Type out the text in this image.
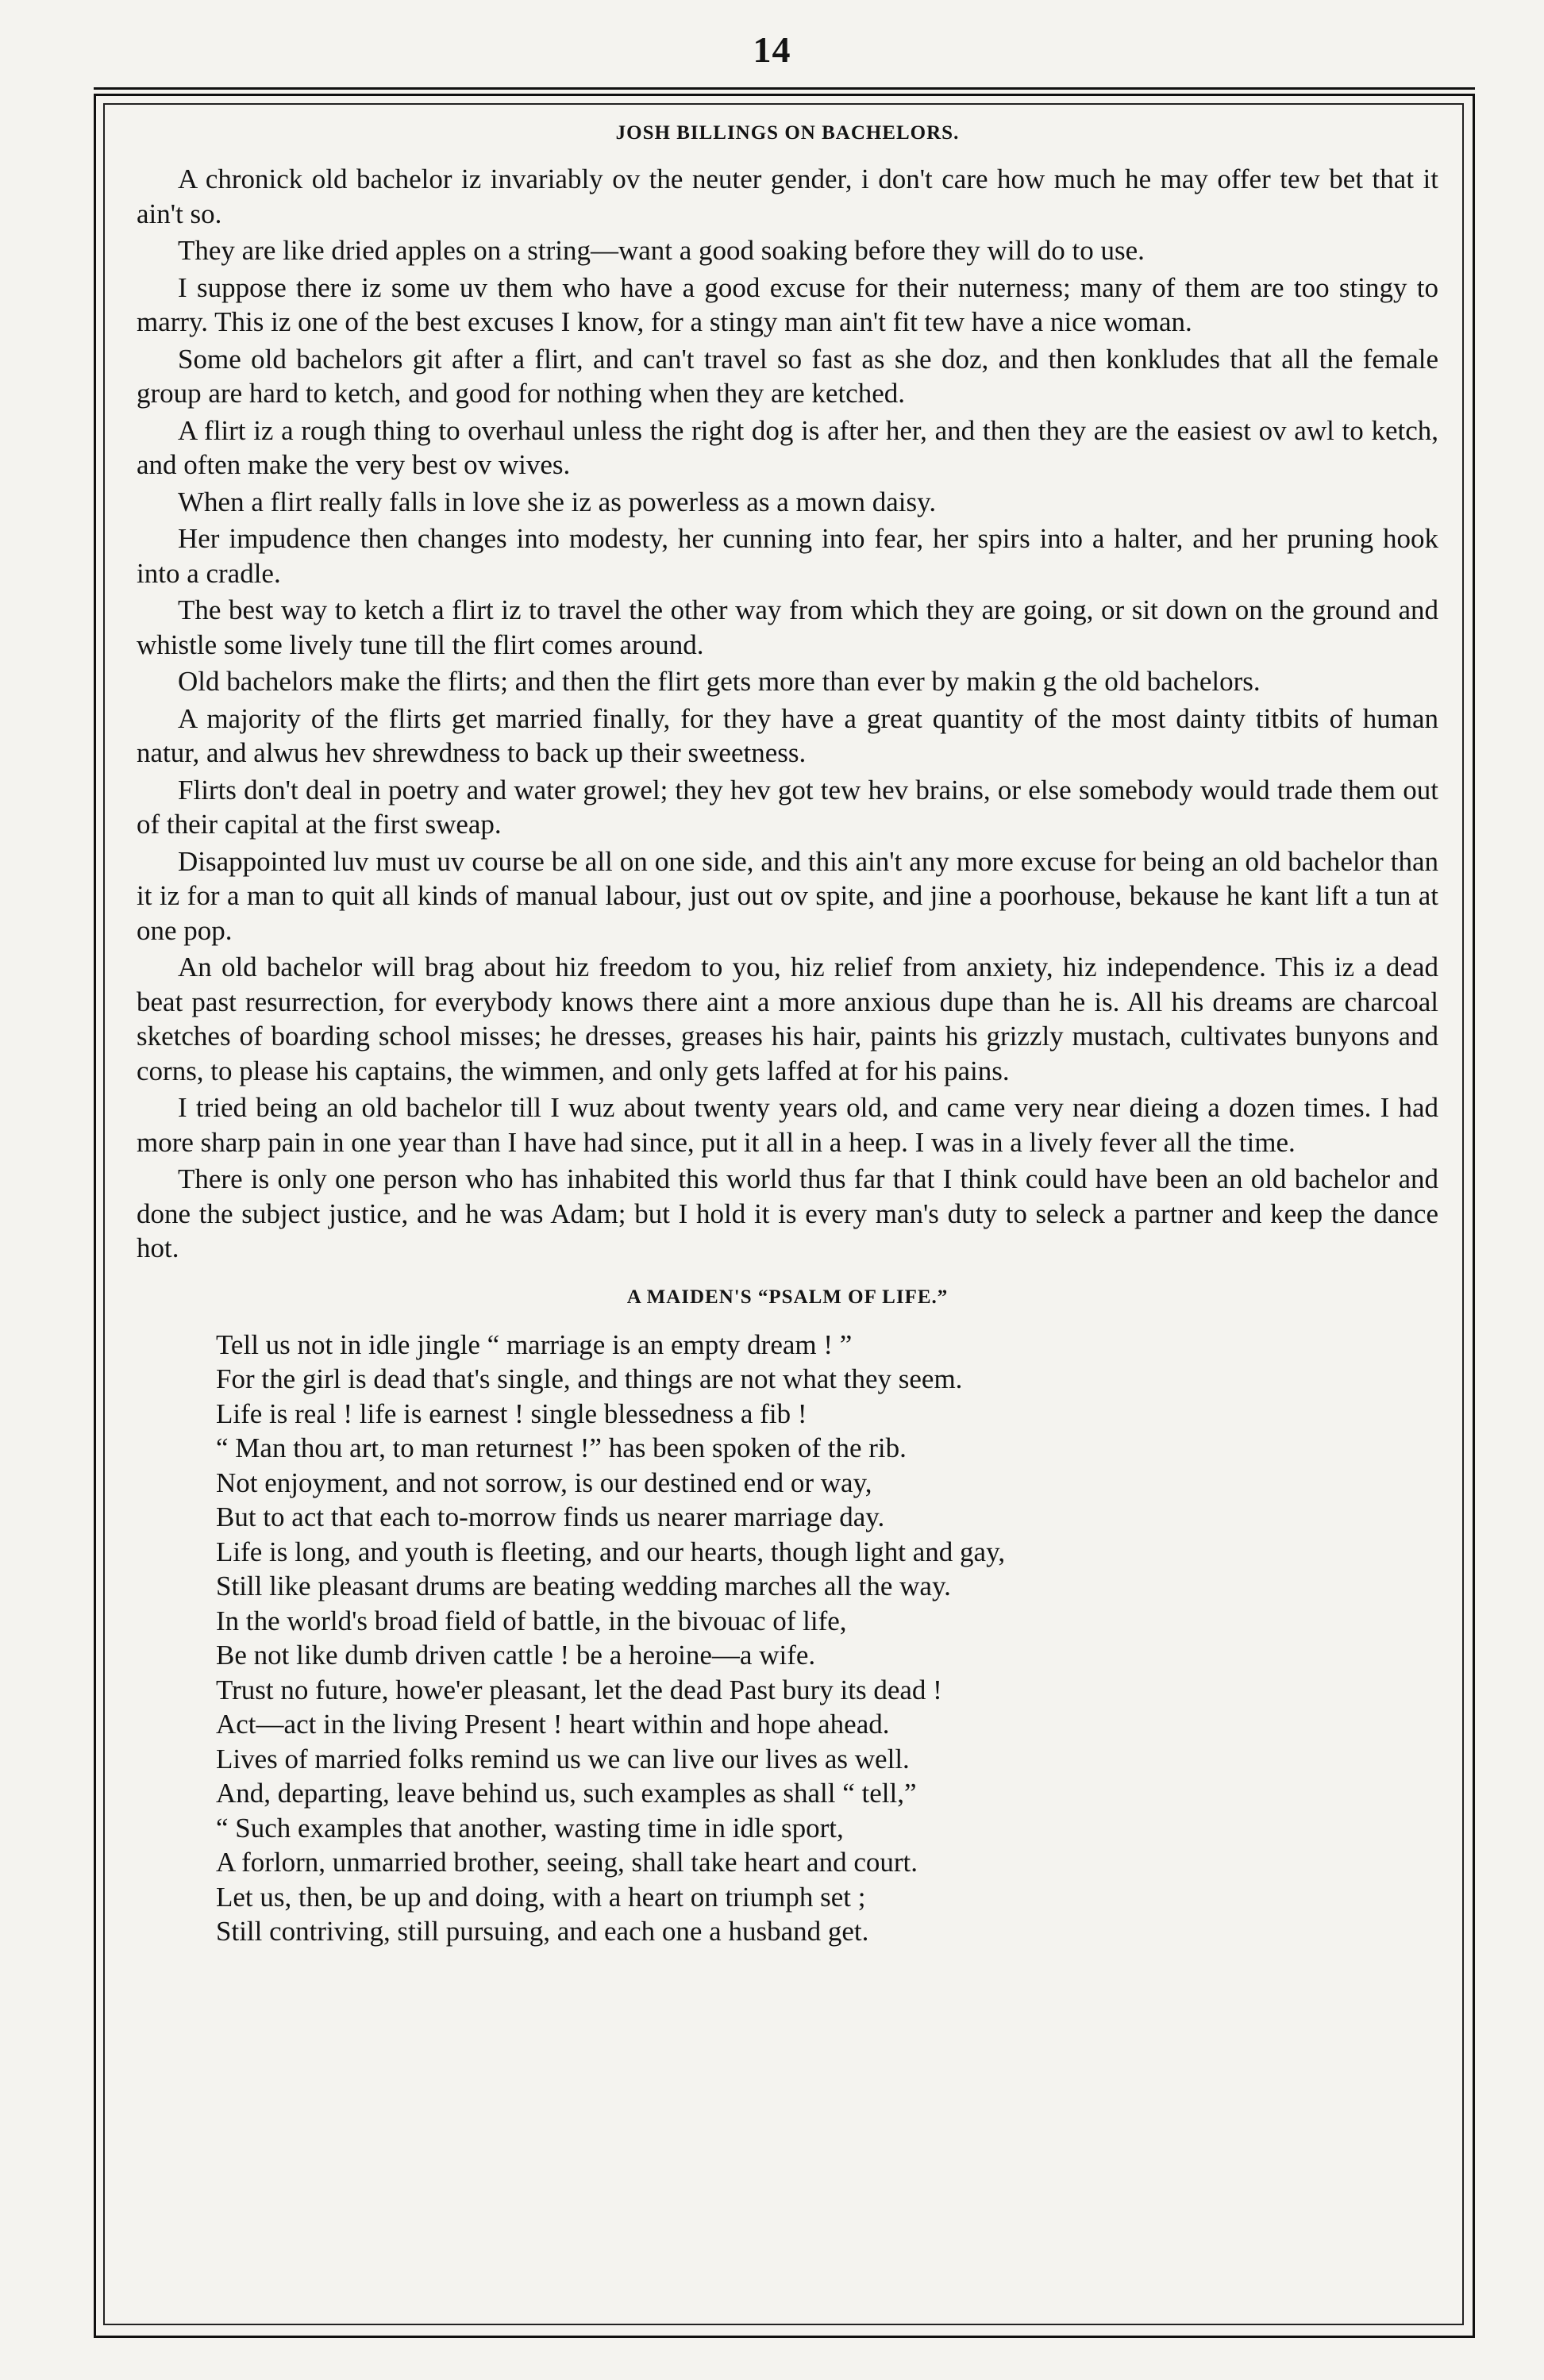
14
JOSH BILLINGS ON BACHELORS.

A chronick old bachelor iz invariably ov the neuter gender, i don't care how much he may offer tew bet that it ain't so.

They are like dried apples on a string—want a good soaking before they will do to use.

I suppose there iz some uv them who have a good excuse for their nuterness; many of them are too stingy to marry. This iz one of the best excuses I know, for a stingy man ain't fit tew have a nice woman.

Some old bachelors git after a flirt, and can't travel so fast as she doz, and then konkludes that all the female group are hard to ketch, and good for nothing when they are ketched.

A flirt iz a rough thing to overhaul unless the right dog is after her, and then they are the easiest ov awl to ketch, and often make the very best ov wives.

When a flirt really falls in love she iz as powerless as a mown daisy.

Her impudence then changes into modesty, her cunning into fear, her spirs into a halter, and her pruning hook into a cradle.

The best way to ketch a flirt iz to travel the other way from which they are going, or sit down on the ground and whistle some lively tune till the flirt comes around.

Old bachelors make the flirts; and then the flirt gets more than ever by makin g the old bachelors.

A majority of the flirts get married finally, for they have a great quantity of the most dainty titbits of human natur, and alwus hev shrewdness to back up their sweetness.

Flirts don't deal in poetry and water growel; they hev got tew hev brains, or else somebody would trade them out of their capital at the first sweap.

Disappointed luv must uv course be all on one side, and this ain't any more excuse for being an old bachelor than it iz for a man to quit all kinds of manual labour, just out ov spite, and jine a poorhouse, bekause he kant lift a tun at one pop.

An old bachelor will brag about hiz freedom to you, hiz relief from anxiety, hiz independence. This iz a dead beat past resurrection, for everybody knows there aint a more anxious dupe than he is. All his dreams are charcoal sketches of boarding school misses; he dresses, greases his hair, paints his grizzly mustach, cultivates bunyons and corns, to please his captains, the wimmen, and only gets laffed at for his pains.

I tried being an old bachelor till I wuz about twenty years old, and came very near dieing a dozen times. I had more sharp pain in one year than I have had since, put it all in a heep. I was in a lively fever all the time.

There is only one person who has inhabited this world thus far that I think could have been an old bachelor and done the subject justice, and he was Adam; but I hold it is every man's duty to seleck a partner and keep the dance hot.

A MAIDEN'S “PSALM OF LIFE.”
Tell us not in idle jingle “ marriage is an empty dream ! ”
For the girl is dead that's single, and things are not what they seem.
Life is real ! life is earnest ! single blessedness a fib !
“ Man thou art, to man returnest !” has been spoken of the rib.
Not enjoyment, and not sorrow, is our destined end or way,
But to act that each to-morrow finds us nearer marriage day.
Life is long, and youth is fleeting, and our hearts, though light and gay,
Still like pleasant drums are beating wedding marches all the way.
In the world's broad field of battle, in the bivouac of life,
Be not like dumb driven cattle ! be a heroine—a wife.
Trust no future, howe'er pleasant, let the dead Past bury its dead !
Act—act in the living Present ! heart within and hope ahead.
Lives of married folks remind us we can live our lives as well.
And, departing, leave behind us, such examples as shall “ tell,”
“ Such examples that another, wasting time in idle sport,
A forlorn, unmarried brother, seeing, shall take heart and court.
Let us, then, be up and doing, with a heart on triumph set ;
Still contriving, still pursuing, and each one a husband get.
